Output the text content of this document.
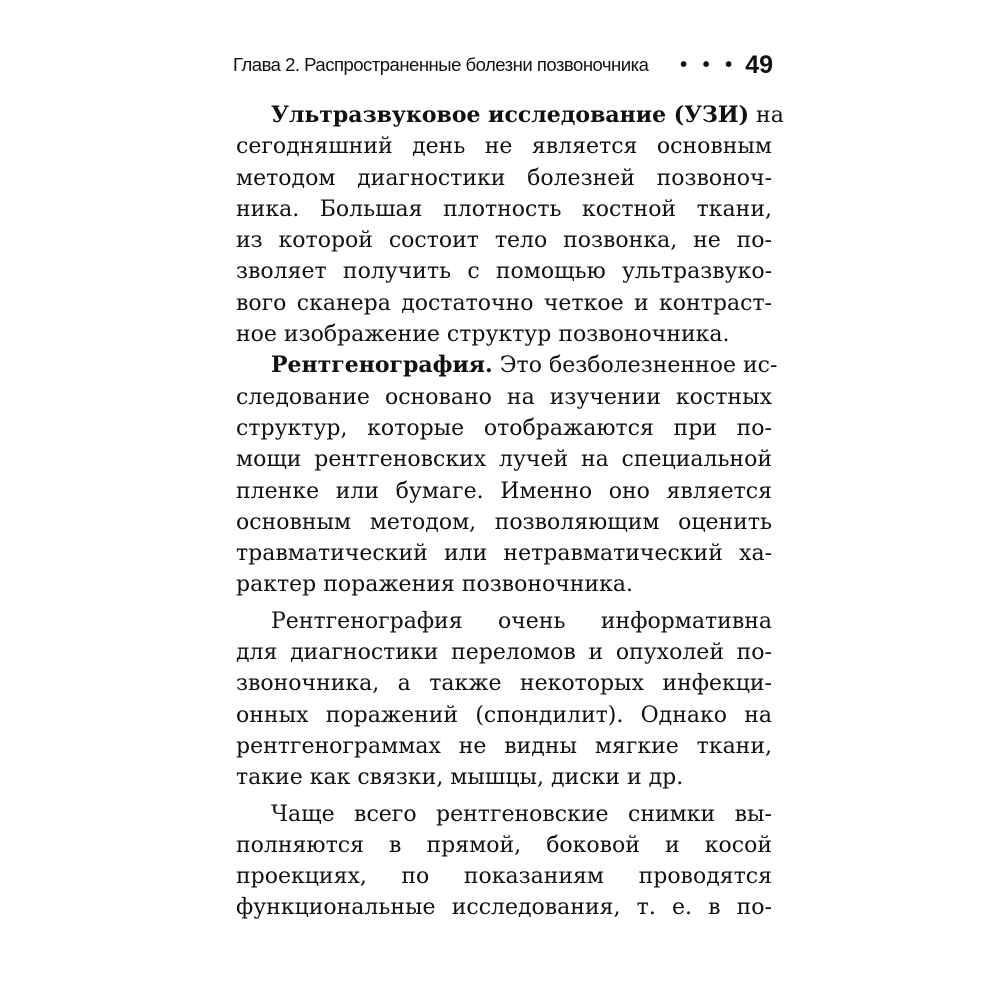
Глава 2. Распространенные болезни позвоночника • • • 49
Ультразвуковое исследование (УЗИ) на
сегодняшний день не является основным
методом диагностики болезней позвоноч-
ника. Большая плотность костной ткани,
из которой состоит тело позвонка, не по-
зволяет получить с помощью ультразвуко-
вого сканера достаточно четкое и контраст-
ное изображение структур позвоночника.
Рентгенография. Это безболезненное ис-
следование основано на изучении костных
структур, которые отображаются при по-
мощи рентгеновских лучей на специальной
пленке или бумаге. Именно оно является
основным методом, позволяющим оценить
травматический или нетравматический ха-
рактер поражения позвоночника.
Рентгенография очень информативна
для диагностики переломов и опухолей по-
звоночника, а также некоторых инфекци-
онных поражений (спондилит). Однако на
рентгенограммах не видны мягкие ткани,
такие как связки, мышцы, диски и др.
Чаще всего рентгеновские снимки вы-
полняются в прямой, боковой и косой
проекциях, по показаниям проводятся
функциональные исследования, т. е. в по-
